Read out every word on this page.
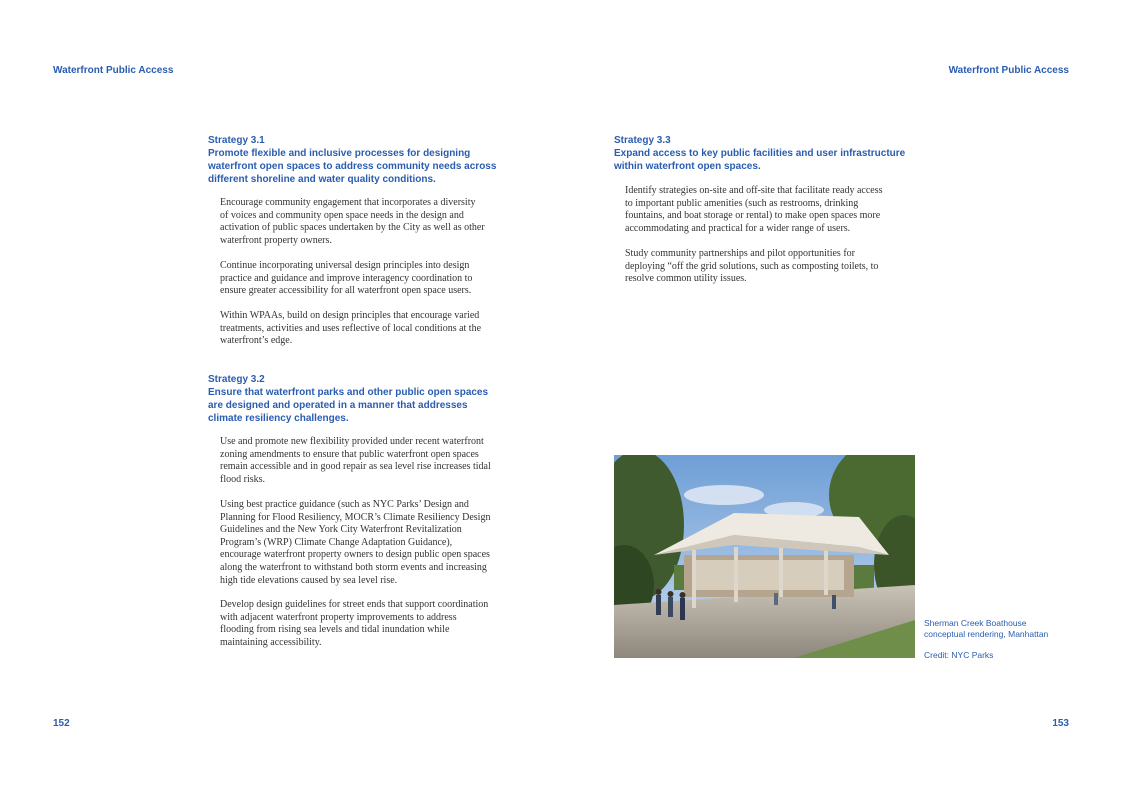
Waterfront Public Access	Waterfront Public Access
Strategy 3.1
Promote flexible and inclusive processes for designing
waterfront open spaces to address community needs across
different shoreline and water quality conditions.
Encourage community engagement that incorporates a diversity
of voices and community open space needs in the design and
activation of public spaces undertaken by the City as well as other
waterfront property owners.
Continue incorporating universal design principles into design
practice and guidance and improve interagency coordination to
ensure greater accessibility for all waterfront open space users.
Within WPAAs, build on design principles that encourage varied
treatments, activities and uses reflective of local conditions at the
waterfront’s edge.
Strategy 3.2
Ensure that waterfront parks and other public open spaces
are designed and operated in a manner that addresses
climate resiliency challenges.
Use and promote new flexibility provided under recent waterfront
zoning amendments to ensure that public waterfront open spaces
remain accessible and in good repair as sea level rise increases tidal
flood risks.
Using best practice guidance (such as NYC Parks’ Design and
Planning for Flood Resiliency, MOCR’s Climate Resiliency Design
Guidelines and the New York City Waterfront Revitalization
Program’s (WRP) Climate Change Adaptation Guidance),
encourage waterfront property owners to design public open spaces
along the waterfront to withstand both storm events and increasing
high tide elevations caused by sea level rise.
Develop design guidelines for street ends that support coordination
with adjacent waterfront property improvements to address
flooding from rising sea levels and tidal inundation while
maintaining accessibility.
Strategy 3.3
Expand access to key public facilities and user infrastructure
within waterfront open spaces.
Identify strategies on-site and off-site that facilitate ready access
to important public amenities (such as restrooms, drinking
fountains, and boat storage or rental) to make open spaces more
accommodating and practical for a wider range of users.
Study community partnerships and pilot opportunities for
deploying “off the grid solutions, such as composting toilets, to
resolve common utility issues.
Sherman Creek Boathouse
conceptual rendering, Manhattan
Credit: NYC Parks
152	153
